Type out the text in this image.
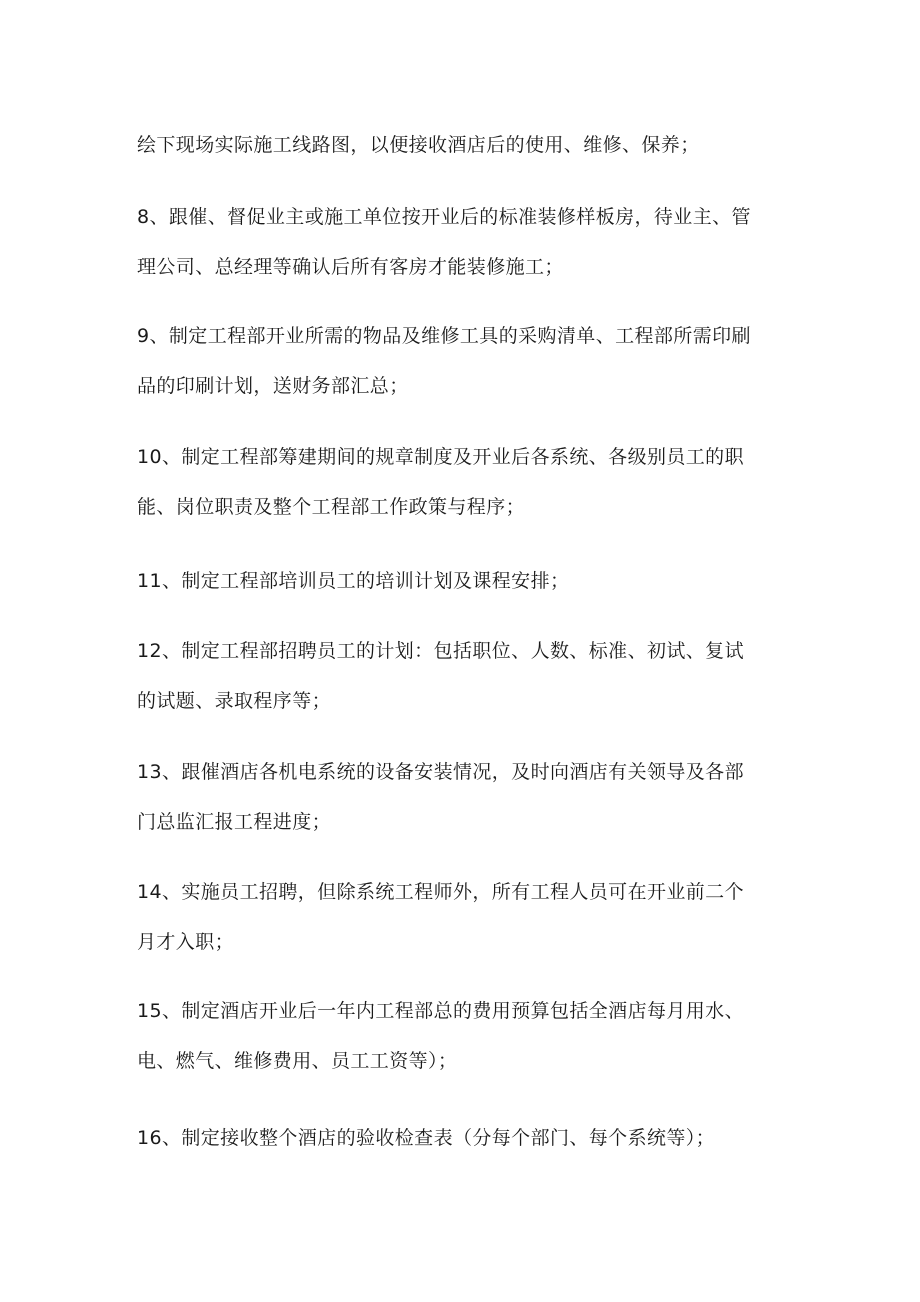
绘下现场实际施工线路图，以便接收酒店后的使用、维修、保养；

8、跟催、督促业主或施工单位按开业后的标准装修样板房，待业主、管
理公司、总经理等确认后所有客房才能装修施工；

9、制定工程部开业所需的物品及维修工具的采购清单、工程部所需印刷
品的印刷计划，送财务部汇总；

10、制定工程部筹建期间的规章制度及开业后各系统、各级别员工的职
能、岗位职责及整个工程部工作政策与程序；

11、制定工程部培训员工的培训计划及课程安排；

12、制定工程部招聘员工的计划：包括职位、人数、标准、初试、复试
的试题、录取程序等；

13、跟催酒店各机电系统的设备安装情况，及时向酒店有关领导及各部
门总监汇报工程进度；

14、实施员工招聘，但除系统工程师外，所有工程人员可在开业前二个
月才入职；

15、制定酒店开业后一年内工程部总的费用预算包括全酒店每月用水、
电、燃气、维修费用、员工工资等）；

16、制定接收整个酒店的验收检查表（分每个部门、每个系统等）；
